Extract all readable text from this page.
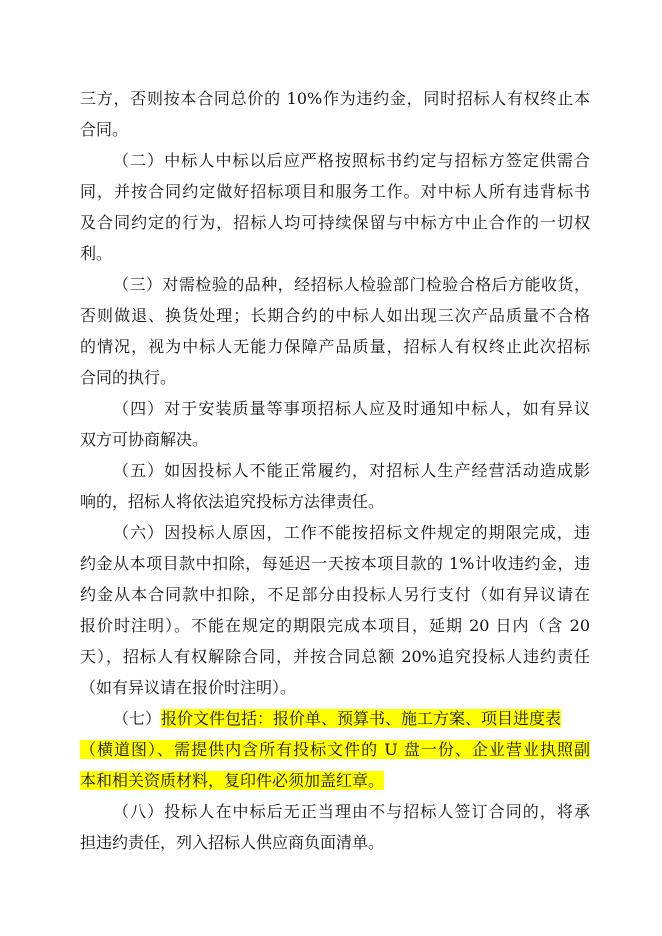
三方，否则按本合同总价的 10%作为违约金，同时招标人有权终止本
合同。
（二）中标人中标以后应严格按照标书约定与招标方签定供需合
同，并按合同约定做好招标项目和服务工作。对中标人所有违背标书
及合同约定的行为，招标人均可持续保留与中标方中止合作的一切权
利。
（三）对需检验的品种，经招标人检验部门检验合格后方能收货，
否则做退、换货处理；长期合约的中标人如出现三次产品质量不合格
的情况，视为中标人无能力保障产品质量，招标人有权终止此次招标
合同的执行。
（四）对于安装质量等事项招标人应及时通知中标人，如有异议
双方可协商解决。
（五）如因投标人不能正常履约，对招标人生产经营活动造成影
响的，招标人将依法追究投标方法律责任。
（六）因投标人原因，工作不能按招标文件规定的期限完成，违
约金从本项目款中扣除，每延迟一天按本项目款的 1%计收违约金，违
约金从本合同款中扣除，不足部分由投标人另行支付（如有异议请在
报价时注明）。不能在规定的期限完成本项目，延期 20 日内（含 20
天），招标人有权解除合同，并按合同总额 20%追究投标人违约责任
（如有异议请在报价时注明）。
（七）报价文件包括：报价单、预算书、施工方案、项目进度表
（横道图）、需提供内含所有投标文件的 U 盘一份、企业营业执照副
本和相关资质材料，复印件必须加盖红章。
（八）投标人在中标后无正当理由不与招标人签订合同的，将承
担违约责任，列入招标人供应商负面清单。
